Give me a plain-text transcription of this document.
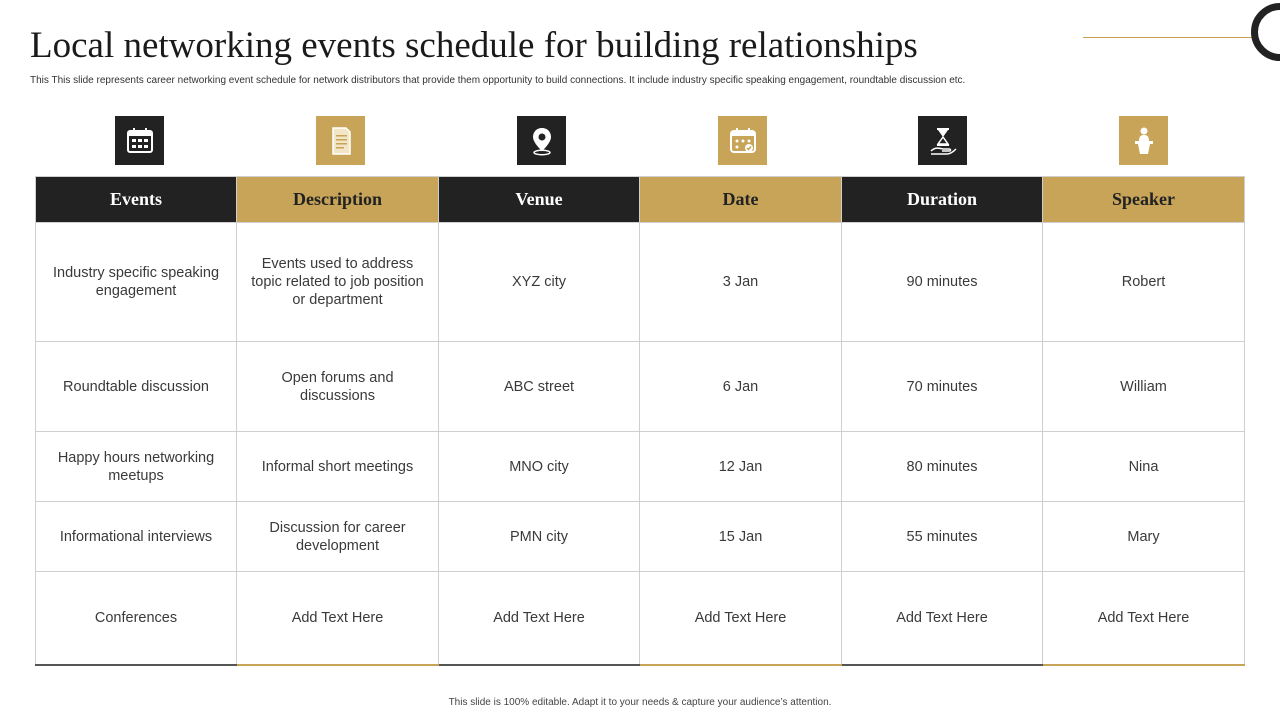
Local networking events schedule for building relationships
This This slide represents career networking event schedule for network distributors that provide them opportunity to build connections. It include industry specific speaking engagement, roundtable discussion etc.
Events	Description	Venue	Date	Duration	Speaker
Industry specific speaking engagement	Events used to address topic related to job position or department	XYZ city	3 Jan	90 minutes	Robert
Roundtable discussion	Open forums and discussions	ABC street	6 Jan	70 minutes	William
Happy hours networking meetups	Informal short meetings	MNO city	12 Jan	80 minutes	Nina
Informational interviews	Discussion for career development	PMN city	15 Jan	55 minutes	Mary
Conferences	Add Text Here	Add Text Here	Add Text Here	Add Text Here	Add Text Here
This slide is 100% editable. Adapt it to your needs & capture your audience’s attention.
